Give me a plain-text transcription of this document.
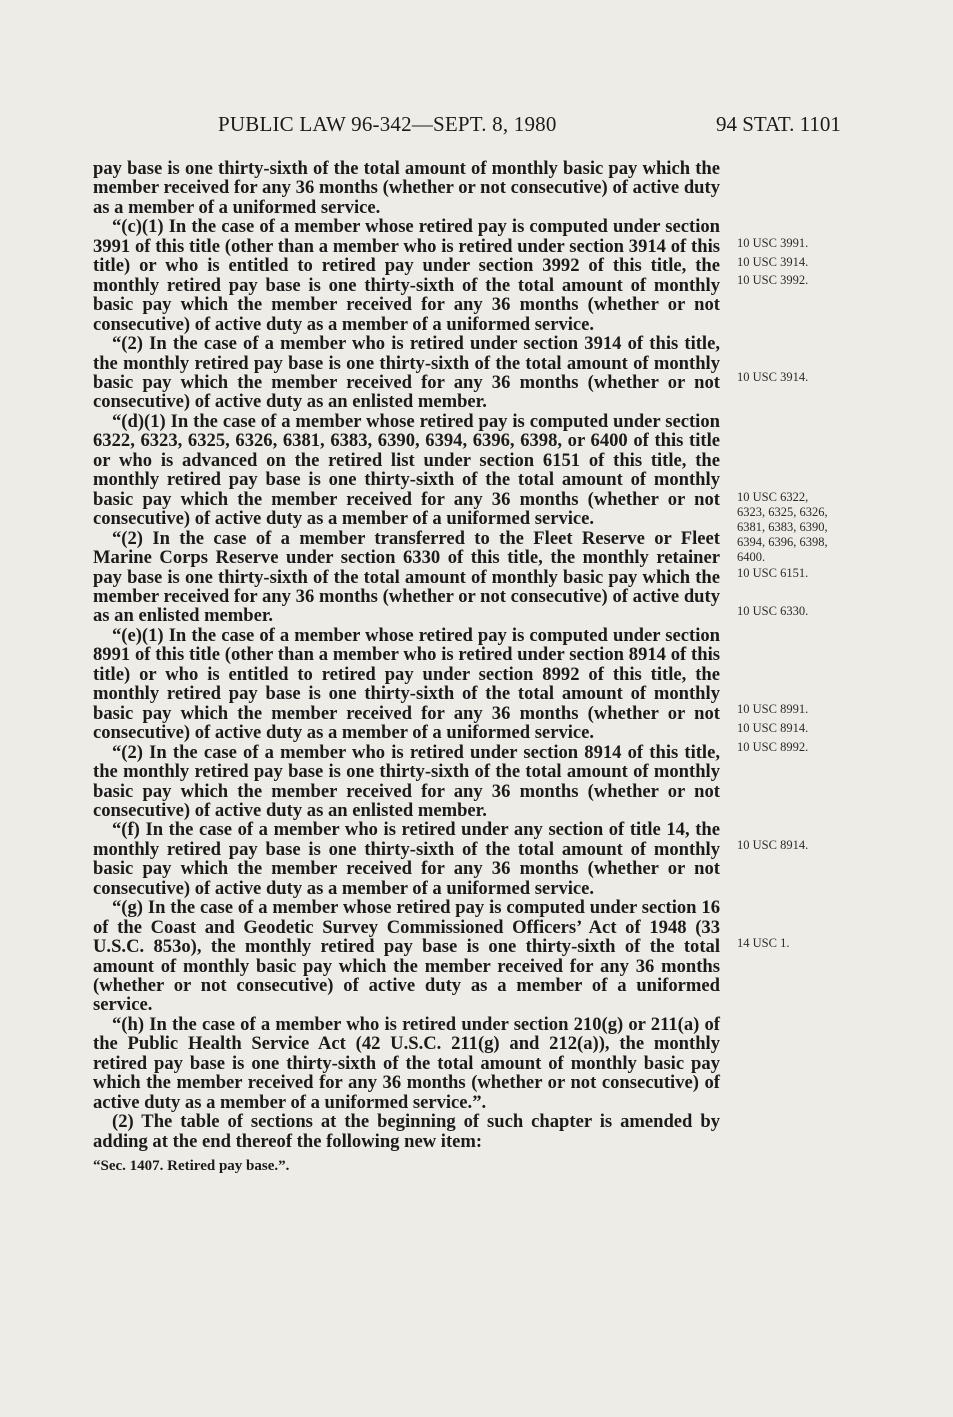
PUBLIC LAW 96-342—SEPT. 8, 1980	94 STAT. 1101

pay base is one thirty-sixth of the total amount of monthly basic pay which the member received for any 36 months (whether or not consecutive) of active duty as a member of a uniformed service.

“(c)(1) In the case of a member whose retired pay is computed under section 3991 of this title (other than a member who is retired under section 3914 of this title) or who is entitled to retired pay under section 3992 of this title, the monthly retired pay base is one thirty-sixth of the total amount of monthly basic pay which the member received for any 36 months (whether or not consecutive) of active duty as a member of a uniformed service.

“(2) In the case of a member who is retired under section 3914 of this title, the monthly retired pay base is one thirty-sixth of the total amount of monthly basic pay which the member received for any 36 months (whether or not consecutive) of active duty as an enlisted member.

“(d)(1) In the case of a member whose retired pay is computed under section 6322, 6323, 6325, 6326, 6381, 6383, 6390, 6394, 6396, 6398, or 6400 of this title or who is advanced on the retired list under section 6151 of this title, the monthly retired pay base is one thirty-sixth of the total amount of monthly basic pay which the member received for any 36 months (whether or not consecutive) of active duty as a member of a uniformed service.

“(2) In the case of a member transferred to the Fleet Reserve or Fleet Marine Corps Reserve under section 6330 of this title, the monthly retainer pay base is one thirty-sixth of the total amount of monthly basic pay which the member received for any 36 months (whether or not consecutive) of active duty as an enlisted member.

“(e)(1) In the case of a member whose retired pay is computed under section 8991 of this title (other than a member who is retired under section 8914 of this title) or who is entitled to retired pay under section 8992 of this title, the monthly retired pay base is one thirty-sixth of the total amount of monthly basic pay which the member received for any 36 months (whether or not consecutive) of active duty as a member of a uniformed service.

“(2) In the case of a member who is retired under section 8914 of this title, the monthly retired pay base is one thirty-sixth of the total amount of monthly basic pay which the member received for any 36 months (whether or not consecutive) of active duty as an enlisted member.

“(f) In the case of a member who is retired under any section of title 14, the monthly retired pay base is one thirty-sixth of the total amount of monthly basic pay which the member received for any 36 months (whether or not consecutive) of active duty as a member of a uniformed service.

“(g) In the case of a member whose retired pay is computed under section 16 of the Coast and Geodetic Survey Commissioned Officers’ Act of 1948 (33 U.S.C. 853o), the monthly retired pay base is one thirty-sixth of the total amount of monthly basic pay which the member received for any 36 months (whether or not consecutive) of active duty as a member of a uniformed service.

“(h) In the case of a member who is retired under section 210(g) or 211(a) of the Public Health Service Act (42 U.S.C. 211(g) and 212(a)), the monthly retired pay base is one thirty-sixth of the total amount of monthly basic pay which the member received for any 36 months (whether or not consecutive) of active duty as a member of a uniformed service.”.

(2) The table of sections at the beginning of such chapter is amended by adding at the end thereof the following new item:

“Sec. 1407. Retired pay base.”.

10 USC 3991.
10 USC 3914.
10 USC 3992.
10 USC 3914.
10 USC 6322,
6323, 6325, 6326,
6381, 6383, 6390,
6394, 6396, 6398,
6400.
10 USC 6151.
10 USC 6330.
10 USC 8991.
10 USC 8914.
10 USC 8992.
10 USC 8914.
14 USC 1.
